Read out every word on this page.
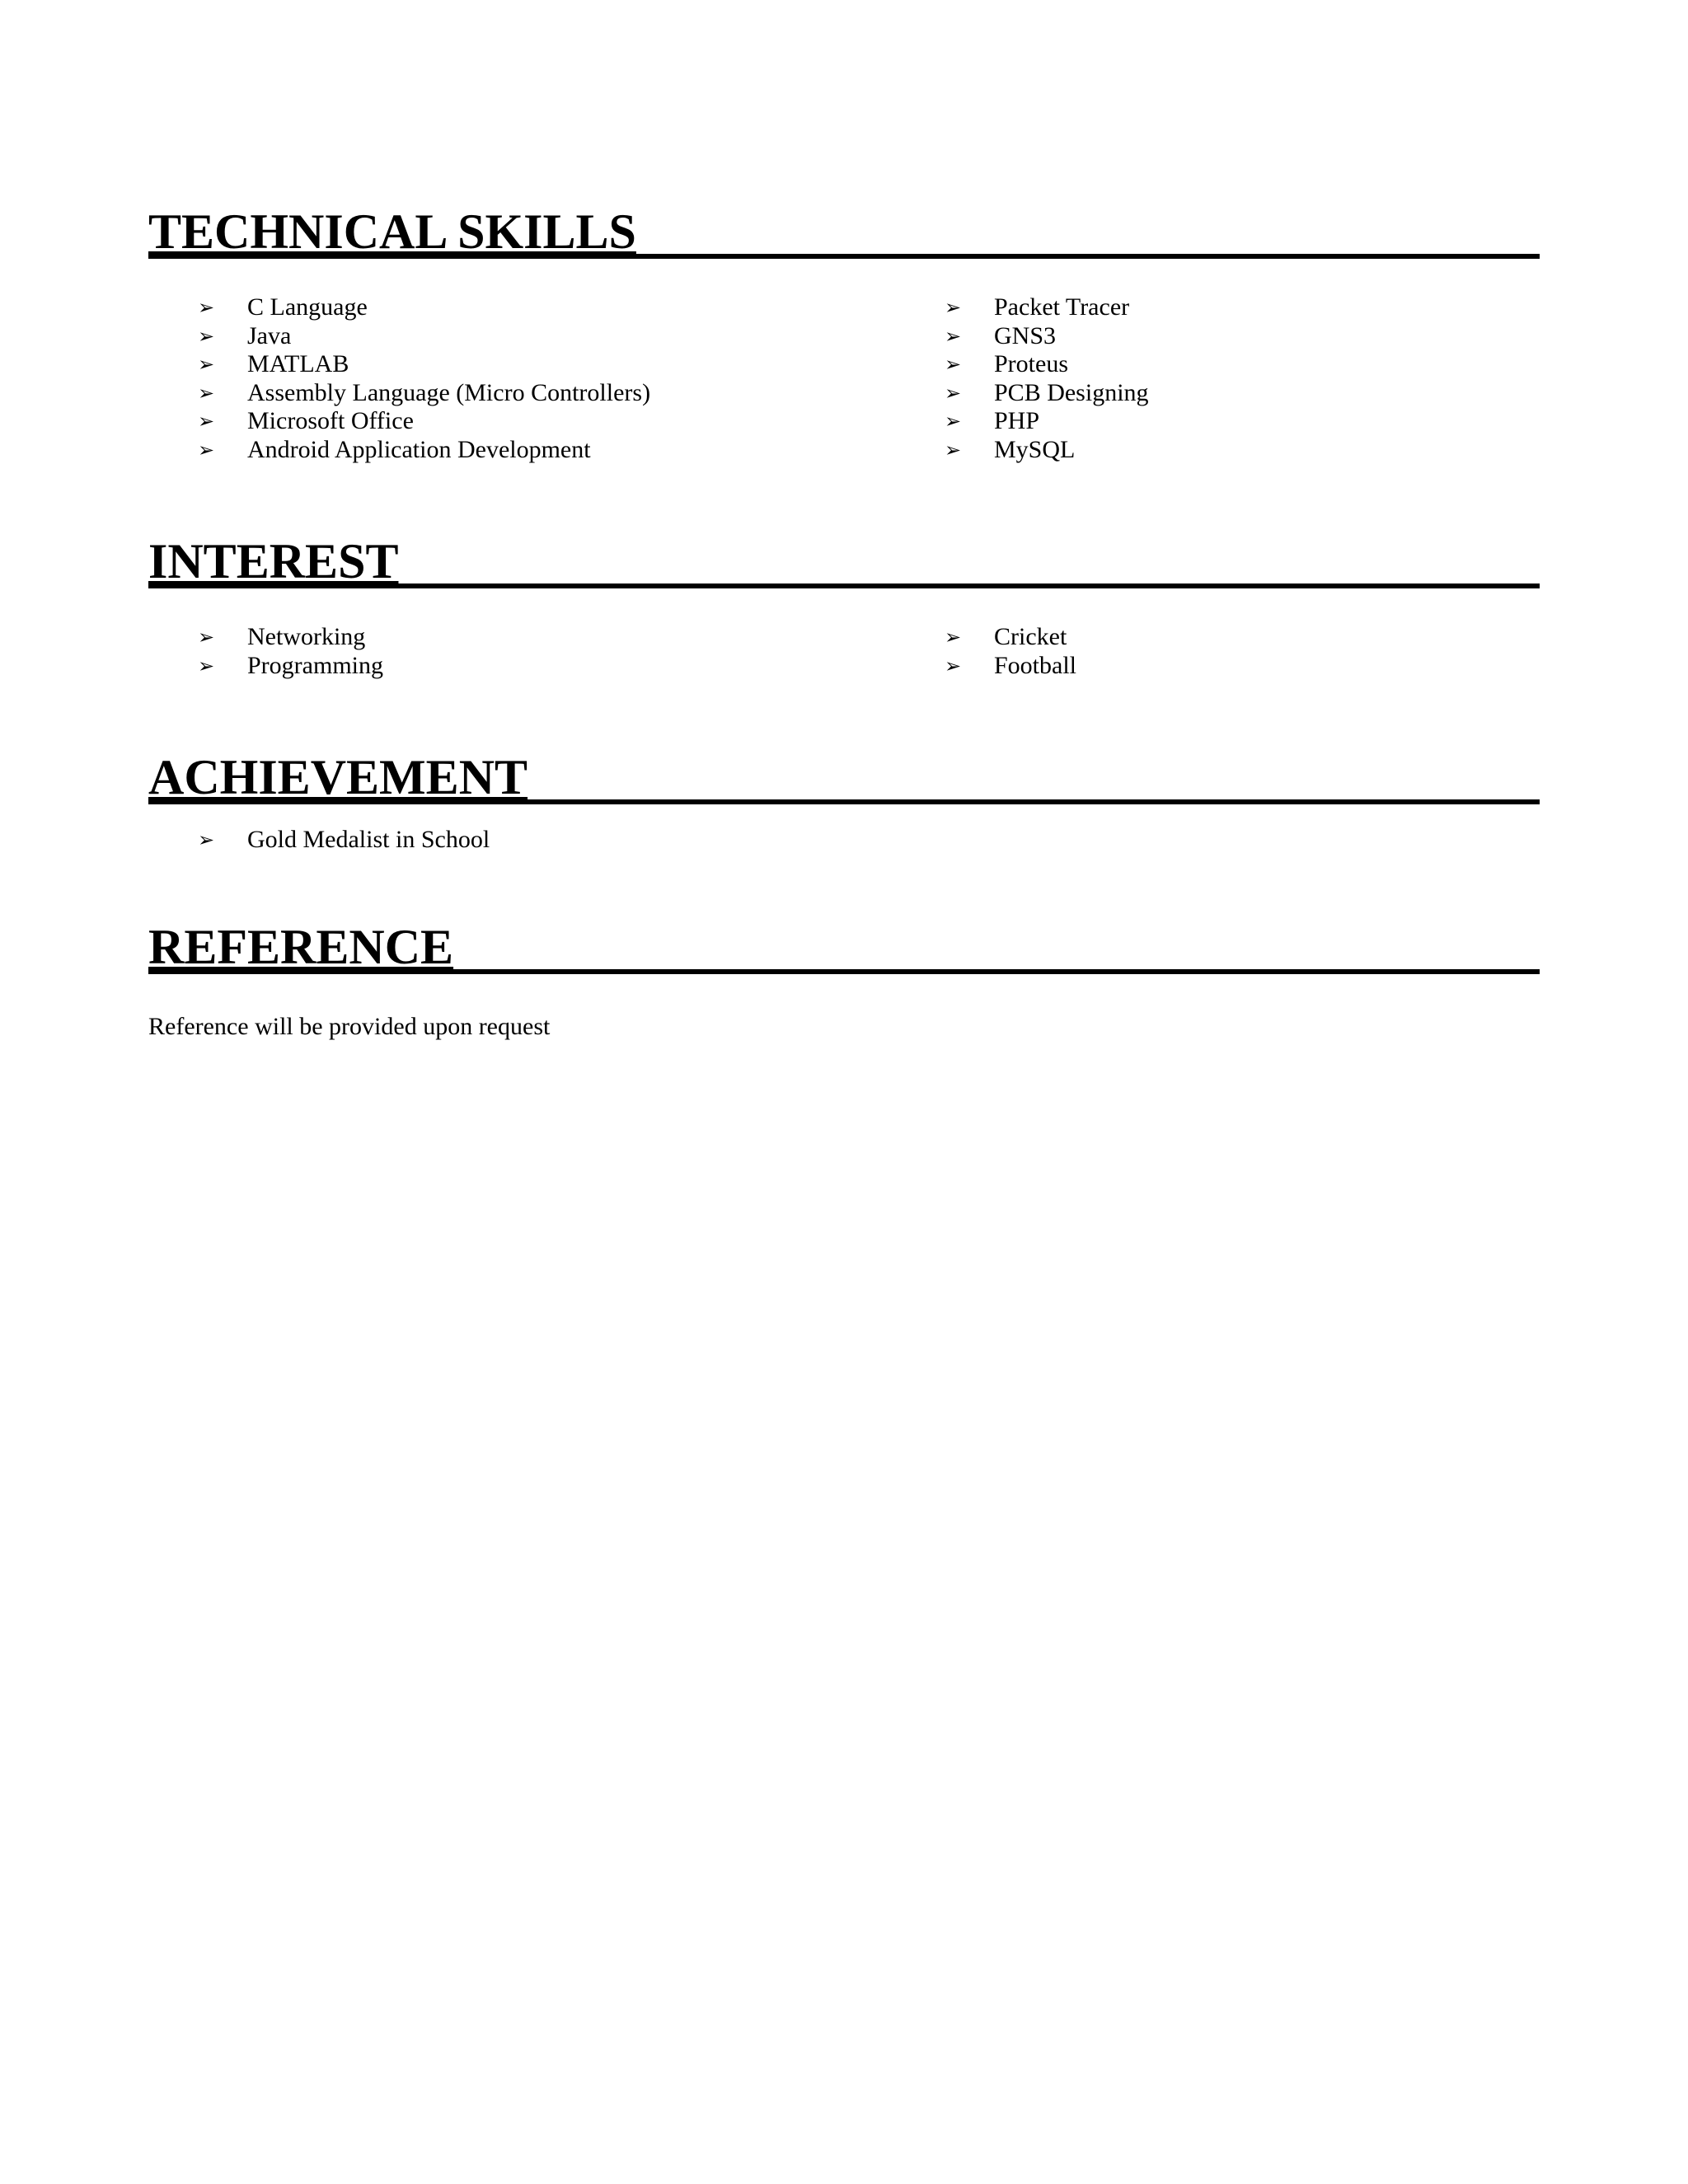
TECHNICAL SKILLS
➢	C Language
➢	Java
➢	MATLAB
➢	Assembly Language (Micro Controllers)
➢	Microsoft Office
➢	Android Application Development
➢	Packet Tracer
➢	GNS3
➢	Proteus
➢	PCB Designing
➢	PHP
➢	MySQL
INTEREST
➢	Networking
➢	Programming
➢	Cricket
➢	Football
ACHIEVEMENT
➢	Gold Medalist in School
REFERENCE
Reference will be provided upon request
